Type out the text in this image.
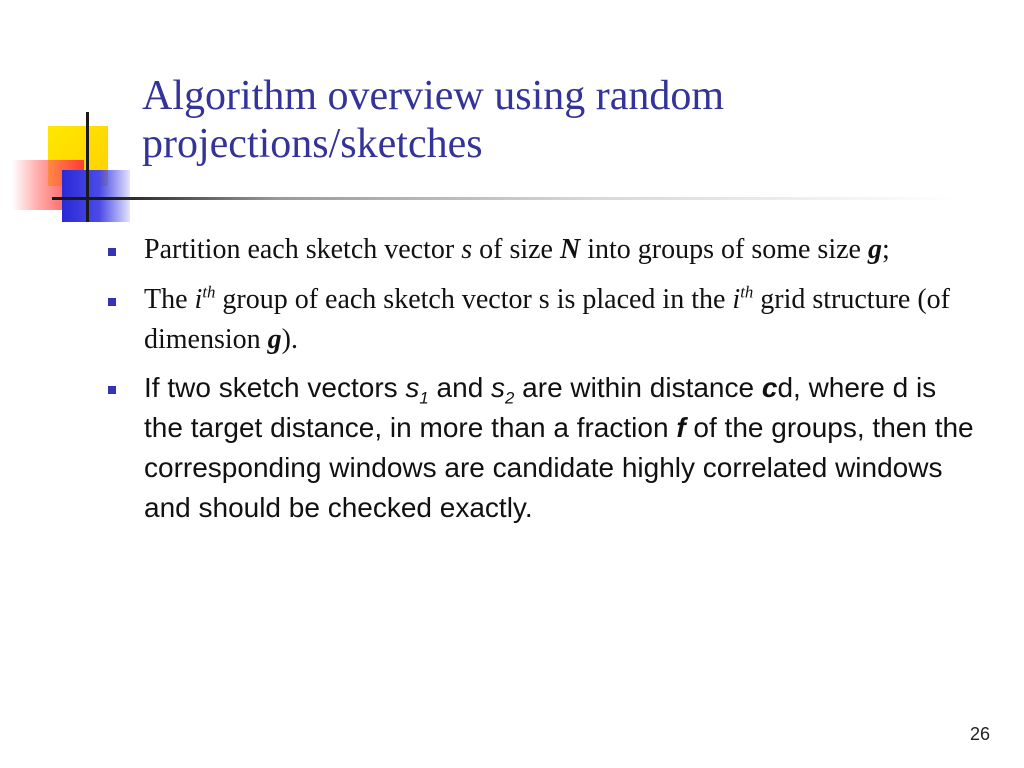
Algorithm overview using random
projections/sketches
Partition each sketch vector s of size N into groups of some size g;
The $i^{th}$ group of each sketch vector s is placed in the $i^{th}$ grid structure (of dimension g).
If two sketch vectors $s_1$ and $s_2$ are within distance cd, where d is the target distance, in more than a fraction f of the groups, then the corresponding windows are candidate highly correlated windows and should be checked exactly.
26
